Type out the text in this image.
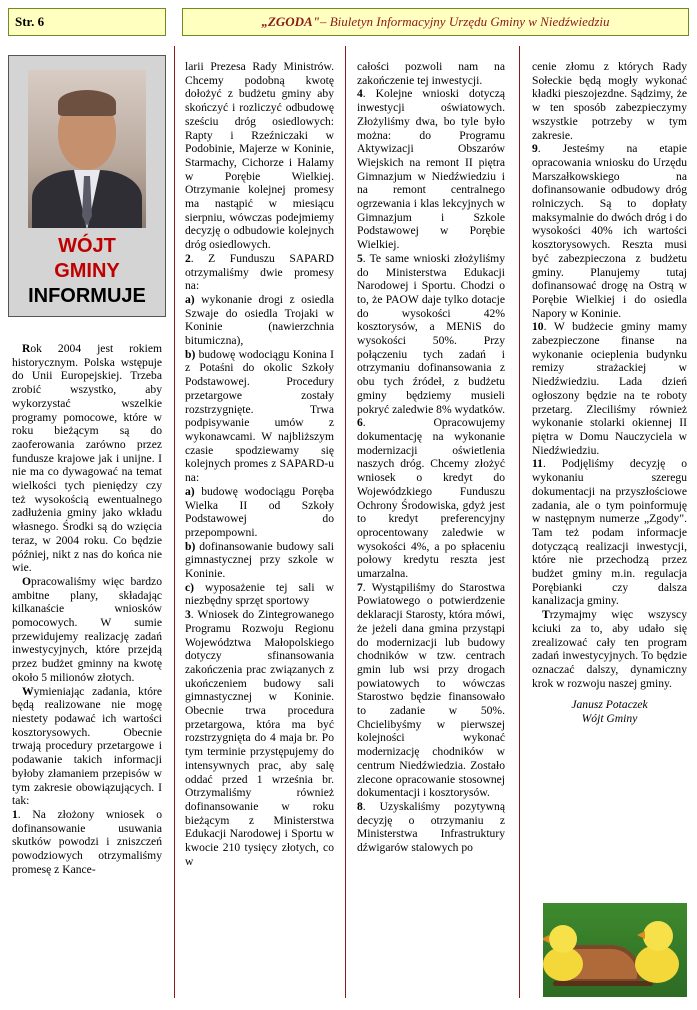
Str. 6	„ZGODA" – Biuletyn Informacyjny Urzędu Gminy w Niedźwiedziu
WÓJT
GMINY
INFORMUJE

Rok 2004 jest rokiem historycznym. Polska wstępuje do Unii Europejskiej. Trzeba zrobić wszystko, aby wykorzystać wszelkie programy pomocowe, które w roku bieżącym są do zaoferowania zarówno przez fundusze krajowe jak i unijne. I nie ma co dywagować na temat wielkości tych pieniędzy czy też wysokością ewentualnego zadłużenia gminy jako wkładu własnego. Środki są do wzięcia teraz, w 2004 roku. Co będzie później, nikt z nas do końca nie wie.

Opracowaliśmy więc bardzo ambitne plany, składając kilkanaście wniosków pomocowych. W sumie przewidujemy realizację zadań inwestycyjnych, które przejdą przez budżet gminny na kwotę około 5 milionów złotych.

Wymieniając zadania, które będą realizowane nie mogę niestety podawać ich wartości kosztorysowych. Obecnie trwają procedury przetargowe i podawanie takich informacji byłoby złamaniem przepisów w tym zakresie obowiązujących. I tak:

1. Na złożony wniosek o dofinansowanie usuwania skutków powodzi i zniszczeń powodziowych otrzymaliśmy promesę z Kance-

larii Prezesa Rady Ministrów. Chcemy podobną kwotę dołożyć z budżetu gminy aby skończyć i rozliczyć odbudowę sześciu dróg osiedlowych: Rapty i Rzeźniczaki w Podobinie, Majerze w Koninie, Starmachy, Cichorze i Halamy w Porębie Wielkiej. Otrzymanie kolejnej promesy ma nastąpić w miesiącu sierpniu, wówczas podejmiemy decyzję o odbudowie kolejnych dróg osiedlowych.

2. Z Funduszu SAPARD otrzymaliśmy dwie promesy na:

a) wykonanie drogi z osiedla Szwaje do osiedla Trojaki w Koninie (nawierzchnia bitumiczna),

b) budowę wodociągu Konina I z Potaśni do okolic Szkoły Podstawowej. Procedury przetargowe zostały rozstrzygnięte. Trwa podpisywanie umów z wykonawcami. W najbliższym czasie spodziewamy się kolejnych promes z SAPARD-u na:

a) budowę wodociągu Poręba Wielka II od Szkoły Podstawowej do przepompowni.

b) dofinansowanie budowy sali gimnastycznej przy szkole w Koninie.

c) wyposażenie tej sali w niezbędny sprzęt sportowy

3. Wniosek do Zintegrowanego Programu Rozwoju Regionu Województwa Małopolskiego dotyczy sfinansowania zakończenia prac związanych z ukończeniem budowy sali gimnastycznej w Koninie. Obecnie trwa procedura przetargowa, która ma być rozstrzygnięta do 4 maja br. Po tym terminie przystępujemy do intensywnych prac, aby salę oddać przed 1 września br. Otrzymaliśmy również dofinansowanie w roku bieżącym z Ministerstwa Edukacji Narodowej i Sportu w kwocie 210 tysięcy złotych, co w

całości pozwoli nam na zakończenie tej inwestycji.

4. Kolejne wnioski dotyczą inwestycji oświatowych. Złożyliśmy dwa, bo tyle było można: do Programu Aktywizacji Obszarów Wiejskich na remont II piętra Gimnazjum w Niedźwiedziu i na remont centralnego ogrzewania i klas lekcyjnych w Gimnazjum i Szkole Podstawowej w Porębie Wielkiej.

5. Te same wnioski złożyliśmy do Ministerstwa Edukacji Narodowej i Sportu. Chodzi o to, że PAOW daje tylko dotacje do wysokości 42% kosztorysów, a MENiS do wysokości 50%. Przy połączeniu tych zadań i otrzymaniu dofinansowania z obu tych źródeł, z budżetu gminy będziemy musieli pokryć zaledwie 8% wydatków.

6. Opracowujemy dokumentację na wykonanie modernizacji oświetlenia naszych dróg. Chcemy złożyć wniosek o kredyt do Wojewódzkiego Funduszu Ochrony Środowiska, gdyż jest to kredyt preferencyjny oprocentowany zaledwie w wysokości 4%, a po spłaceniu połowy kredytu reszta jest umarzalna.

7. Wystąpiliśmy do Starostwa Powiatowego o potwierdzenie deklaracji Starosty, która mówi, że jeżeli dana gmina przystąpi do modernizacji lub budowy chodników w tzw. centrach gmin lub wsi przy drogach powiatowych to wówczas Starostwo będzie finansowało to zadanie w 50%. Chcielibyśmy w pierwszej kolejności wykonać modernizację chodników w centrum Niedźwiedzia. Zostało zlecone opracowanie stosownej dokumentacji i kosztorysów.

8. Uzyskaliśmy pozytywną decyzję o otrzymaniu z Ministerstwa Infrastruktury dźwigarów stalowych po

cenie złomu z których Rady Sołeckie będą mogły wykonać kładki pieszojezdne. Sądzimy, że w ten sposób zabezpieczymy wszystkie potrzeby w tym zakresie.

9. Jesteśmy na etapie opracowania wniosku do Urzędu Marszałkowskiego na dofinansowanie odbudowy dróg rolniczych. Są to dopłaty maksymalnie do dwóch dróg i do wysokości 40% ich wartości kosztorysowych. Reszta musi być zabezpieczona z budżetu gminy. Planujemy tutaj dofinansować drogę na Ostrą w Porębie Wielkiej i do osiedla Napory w Koninie.

10. W budżecie gminy mamy zabezpieczone finanse na wykonanie ocieplenia budynku remizy strażackiej w Niedźwiedziu. Lada dzień ogłoszony będzie na te roboty przetarg. Zleciliśmy również wykonanie stolarki okiennej II piętra w Domu Nauczyciela w Niedźwiedziu.

11. Podjęliśmy decyzję o wykonaniu szeregu dokumentacji na przyszłościowe zadania, ale o tym poinformuję w następnym numerze „Zgody". Tam też podam informacje dotyczącą realizacji inwestycji, które nie przechodzą przez budżet gminy m.in. regulacja Porębianki czy dalsza kanalizacja gminy.

Trzymajmy więc wszyscy kciuki za to, aby udało się zrealizować cały ten program zadań inwestycyjnych. To będzie oznaczać dalszy, dynamiczny krok w rozwoju naszej gminy.

Janusz Potaczek
Wójt Gminy
